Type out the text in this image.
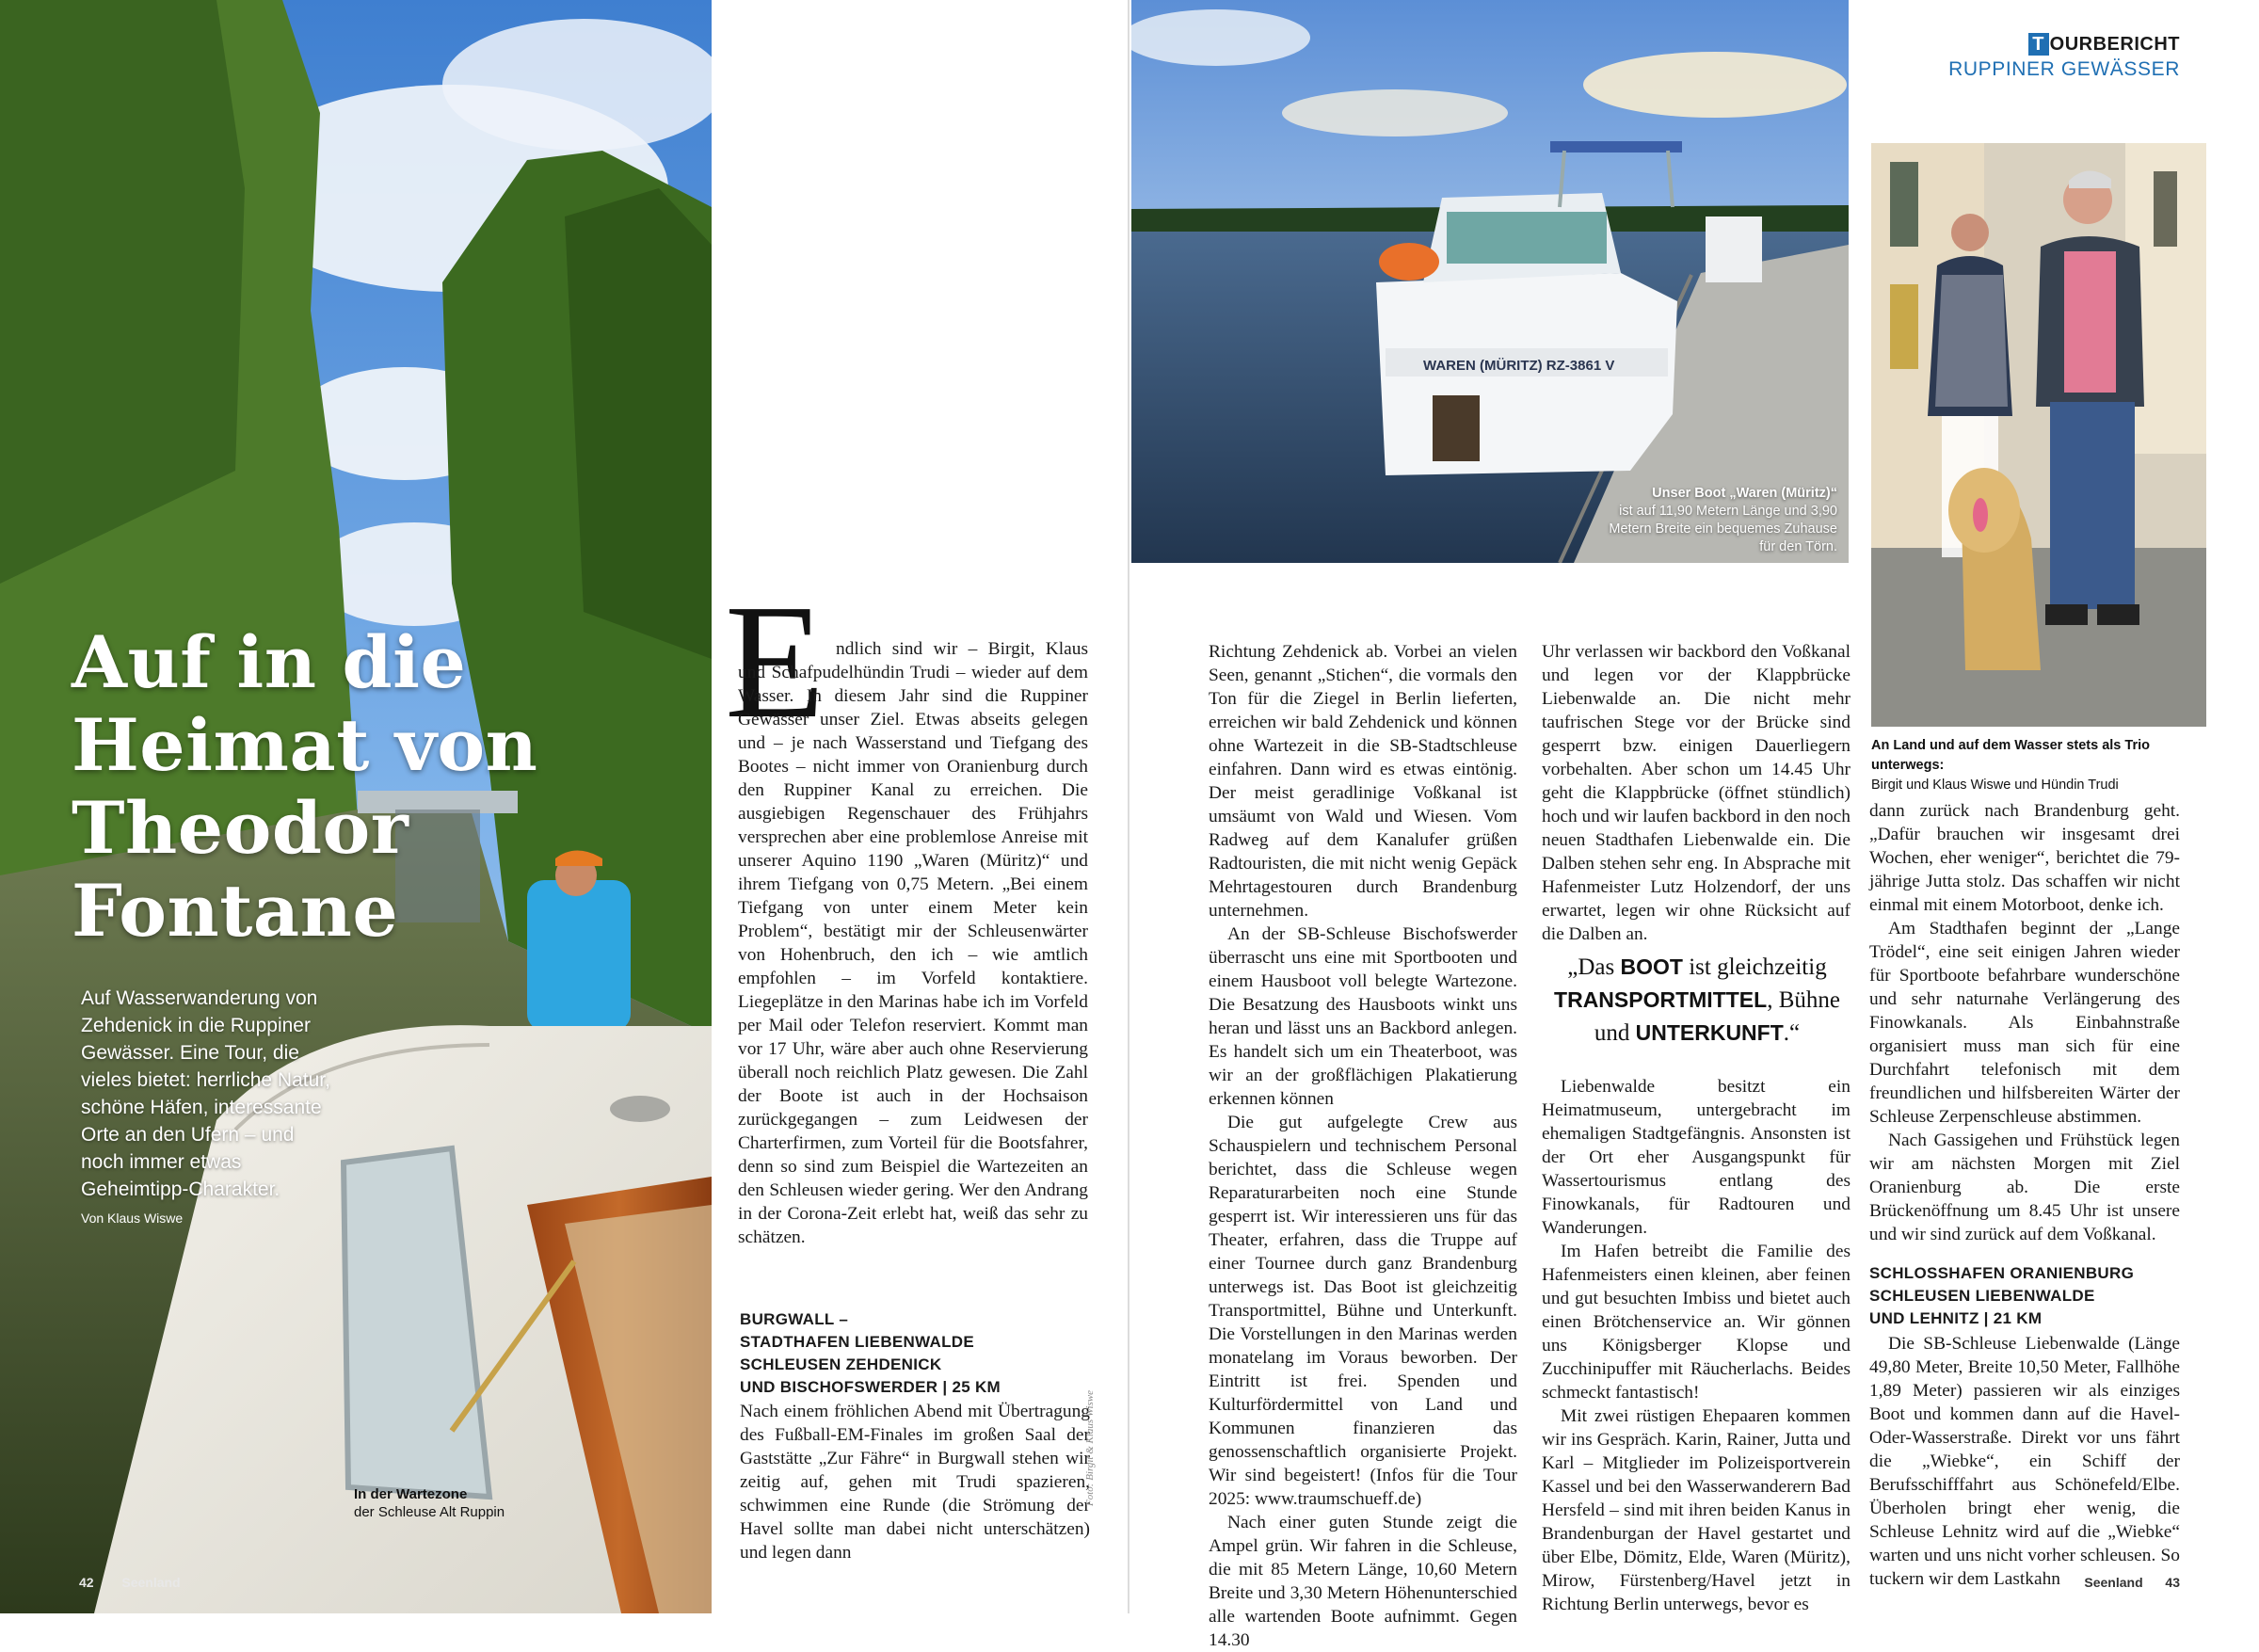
Auf in die
Heimat von
Theodor
Fontane
Auf Wasserwanderung von Zehdenick in die Ruppiner Gewässer. Eine Tour, die vieles bietet: herrliche Natur, schöne Häfen, interessante Orte an den Ufern – und noch immer etwas Geheimtipp-Charakter.
Von Klaus Wiswe
In der Wartezone
der Schleuse Alt Ruppin
42 Seenland
E ndlich sind wir – Birgit, Klaus und Schafpudelhündin Trudi – wieder auf dem Wasser. In diesem Jahr sind die Ruppiner Gewässer unser Ziel. Etwas abseits gelegen und – je nach Wasserstand und Tiefgang des Bootes – nicht immer von Oranienburg durch den Ruppiner Kanal zu erreichen. Die ausgiebigen Regenschauer des Frühjahrs versprechen aber eine problemlose Anreise mit unserer Aquino 1190 „Waren (Müritz)“ und ihrem Tiefgang von 0,75 Metern. „Bei einem Tiefgang von unter einem Meter kein Problem“, bestätigt mir der Schleusenwärter von Hohenbruch, den ich – wie amtlich empfohlen – im Vorfeld kontaktiere. Liegeplätze in den Marinas habe ich im Vorfeld per Mail oder Telefon reserviert. Kommt man vor 17 Uhr, wäre aber auch ohne Reservierung überall noch reichlich Platz gewesen. Die Zahl der Boote ist auch in der Hochsaison zurückgegangen – zum Leidwesen der Charterfirmen, zum Vorteil für die Bootsfahrer, denn so sind zum Beispiel die Wartezeiten an den Schleusen wieder gering. Wer den Andrang in der Corona-Zeit erlebt hat, weiß das sehr zu schätzen.

BURGWALL –
STADTHAFEN LIEBENWALDE
SCHLEUSEN ZEHDENICK
UND BISCHOFSWERDER | 25 KM

Nach einem fröhlichen Abend mit Übertragung des Fußball-EM-Finales im großen Saal der Gaststätte „Zur Fähre“ in Burgwall stehen wir zeitig auf, gehen mit Trudi spazieren, schwimmen eine Runde (die Strömung der Havel sollte man dabei nicht unterschätzen) und legen dann

Foto: Birgit & Klaus Wiswe
WAREN (MÜRITZ) RZ-3861 V
Unser Boot „Waren (Müritz)“
ist auf 11,90 Metern Länge und 3,90 Metern Breite ein bequemes Zuhause für den Törn.
T OURBERICHT
RUPPINER GEWÄSSER
An Land und auf dem Wasser stets als Trio unterwegs:
Birgit und Klaus Wiswe und Hündin Trudi

Richtung Zehdenick ab. Vorbei an vielen Seen, genannt „Stichen“, die vormals den Ton für die Ziegel in Berlin lieferten, erreichen wir bald Zehdenick und können ohne Wartezeit in die SB-Stadtschleuse einfahren. Dann wird es etwas eintönig. Der meist geradlinige Voßkanal ist umsäumt von Wald und Wiesen. Vom Radweg auf dem Kanalufer grüßen Radtouristen, die mit nicht wenig Gepäck Mehrtagestouren durch Brandenburg unternehmen.

An der SB-Schleuse Bischofswerder überrascht uns eine mit Sportbooten und einem Hausboot voll belegte Wartezone. Die Besatzung des Hausboots winkt uns heran und lässt uns an Backbord anlegen. Es handelt sich um ein Theaterboot, was wir an der großflächigen Plakatierung erkennen können

Die gut aufgelegte Crew aus Schauspielern und technischem Personal berichtet, dass die Schleuse wegen Reparaturarbeiten noch eine Stunde gesperrt ist. Wir interessieren uns für das Theater, erfahren, dass die Truppe auf einer Tournee durch ganz Brandenburg unterwegs ist. Das Boot ist gleichzeitig Transportmittel, Bühne und Unterkunft. Die Vorstellungen in den Marinas werden monatelang im Voraus beworben. Der Eintritt ist frei. Spenden und Kulturfördermittel von Land und Kommunen finanzieren das genossenschaftlich organisierte Projekt. Wir sind begeistert! (Infos für die Tour 2025: www.traumschueff.de)

Nach einer guten Stunde zeigt die Ampel grün. Wir fahren in die Schleuse, die mit 85 Metern Länge, 10,60 Metern Breite und 3,30 Metern Höhenunterschied alle wartenden Boote aufnimmt. Gegen 14.30

Uhr verlassen wir backbord den Voßkanal und legen vor der Klappbrücke Liebenwalde an. Die nicht mehr taufrischen Stege vor der Brücke sind gesperrt bzw. einigen Dauerliegern vorbehalten. Aber schon um 14.45 Uhr geht die Klappbrücke (öffnet stündlich) hoch und wir laufen backbord in den noch neuen Stadthafen Liebenwalde ein. Die Dalben stehen sehr eng. In Absprache mit Hafenmeister Lutz Holzendorf, der uns erwartet, legen wir ohne Rücksicht auf die Dalben an.

„Das BOOT ist gleichzeitig TRANSPORTMITTEL, Bühne und UNTERKUNFT.“

Liebenwalde besitzt ein Heimatmuseum, untergebracht im ehemaligen Stadtgefängnis. Ansonsten ist der Ort eher Ausgangspunkt für Wassertourismus entlang des Finowkanals, für Radtouren und Wanderungen.

Im Hafen betreibt die Familie des Hafenmeisters einen kleinen, aber feinen und gut besuchten Imbiss und bietet auch einen Brötchenservice an. Wir gönnen uns Königsberger Klopse und Zucchinipuffer mit Räucherlachs. Beides schmeckt fantastisch!

Mit zwei rüstigen Ehepaaren kommen wir ins Gespräch. Karin, Rainer, Jutta und Karl – Mitglieder im Polizeisportverein Kassel und bei den Wasserwanderern Bad Hersfeld – sind mit ihren beiden Kanus in Brandenburgan der Havel gestartet und über Elbe, Dömitz, Elde, Waren (Müritz), Mirow, Fürstenberg/Havel jetzt in Richtung Berlin unterwegs, bevor es

dann zurück nach Brandenburg geht. „Dafür brauchen wir insgesamt drei Wochen, eher weniger“, berichtet die 79-jährige Jutta stolz. Das schaffen wir nicht einmal mit einem Motorboot, denke ich.

Am Stadthafen beginnt der „Lange Trödel“, eine seit einigen Jahren wieder für Sportboote befahrbare wunderschöne und sehr naturnahe Verlängerung des Finowkanals. Als Einbahnstraße organisiert muss man sich für eine Durchfahrt telefonisch mit dem freundlichen und hilfsbereiten Wärter der Schleuse Zerpenschleuse abstimmen.

Nach Gassigehen und Frühstück legen wir am nächsten Morgen mit Ziel Oranienburg ab. Die erste Brückenöffnung um 8.45 Uhr ist unsere und wir sind zurück auf dem Voßkanal.

SCHLOSSHAFEN ORANIENBURG
SCHLEUSEN LIEBENWALDE
UND LEHNITZ | 21 KM

Die SB-Schleuse Liebenwalde (Länge 49,80 Meter, Breite 10,50 Meter, Fallhöhe 1,89 Meter) passieren wir als einziges Boot und kommen dann auf die Havel-Oder-Wasserstraße. Direkt vor uns fährt die „Wiebke“, ein Schiff der Berufsschifffahrt aus Schönefeld/Elbe. Überholen bringt eher wenig, die Schleuse Lehnitz wird auf die „Wiebke“ warten und uns nicht vorher schleusen. So tuckern wir dem Lastkahn	Seenland 43
